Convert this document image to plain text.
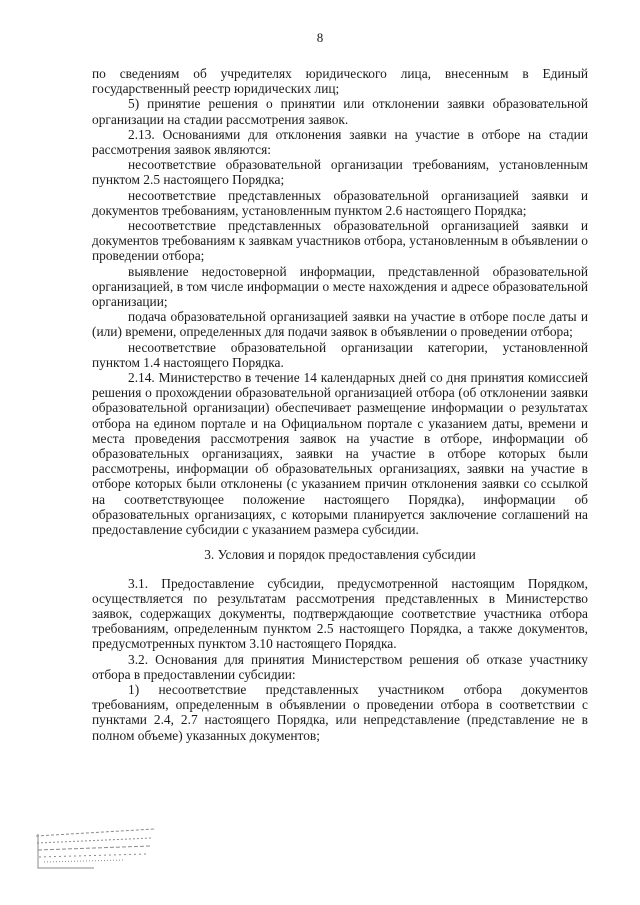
8

по сведениям об учредителях юридического лица, внесенным в Единый государственный реестр юридических лиц;

5) принятие решения о принятии или отклонении заявки образовательной организации на стадии рассмотрения заявок.

2.13. Основаниями для отклонения заявки на участие в отборе на стадии рассмотрения заявок являются:

несоответствие образовательной организации требованиям, установленным пунктом 2.5 настоящего Порядка;

несоответствие представленных образовательной организацией заявки и документов требованиям, установленным пунктом 2.6 настоящего Порядка;

несоответствие представленных образовательной организацией заявки и документов требованиям к заявкам участников отбора, установленным в объявлении о проведении отбора;

выявление недостоверной информации, представленной образовательной организацией, в том числе информации о месте нахождения и адресе образовательной организации;

подача образовательной организацией заявки на участие в отборе после даты и (или) времени, определенных для подачи заявок в объявлении о проведении отбора;

несоответствие образовательной организации категории, установленной пунктом 1.4 настоящего Порядка.

2.14. Министерство в течение 14 календарных дней со дня принятия комиссией решения о прохождении образовательной организацией отбора (об отклонении заявки образовательной организации) обеспечивает размещение информации о результатах отбора на едином портале и на Официальном портале с указанием даты, времени и места проведения рассмотрения заявок на участие в отборе, информации об образовательных организациях, заявки на участие в отборе которых были рассмотрены, информации об образовательных организациях, заявки на участие в отборе которых были отклонены (с указанием причин отклонения заявки со ссылкой на соответствующее положение настоящего Порядка), информации об образовательных организациях, с которыми планируется заключение соглашений на предоставление субсидии с указанием размера субсидии.

3. Условия и порядок предоставления субсидии

3.1. Предоставление субсидии, предусмотренной настоящим Порядком, осуществляется по результатам рассмотрения представленных в Министерство заявок, содержащих документы, подтверждающие соответствие участника отбора требованиям, определенным пунктом 2.5 настоящего Порядка, а также документов, предусмотренных пунктом 3.10 настоящего Порядка.

3.2. Основания для принятия Министерством решения об отказе участнику отбора в предоставлении субсидии:

1) несоответствие представленных участником отбора документов требованиям, определенным в объявлении о проведении отбора в соответствии с пунктами 2.4, 2.7 настоящего Порядка, или непредставление (представление не в полном объеме) указанных документов;
